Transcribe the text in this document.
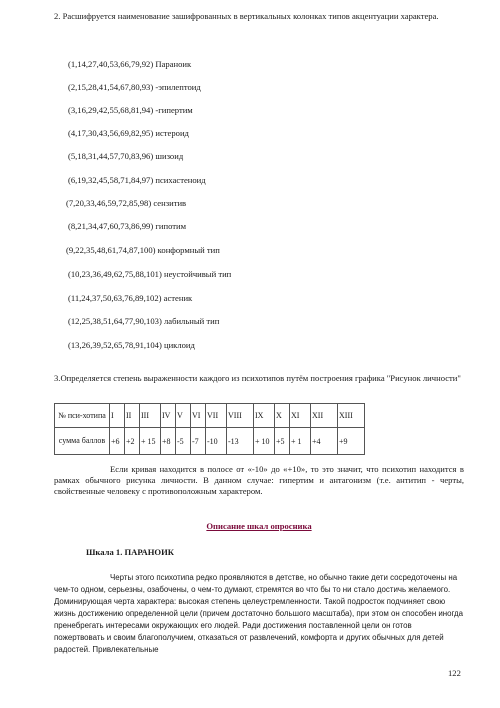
2. Расшифруется наименование зашифрованных в вертикальных колонках типов акцентуации характера.

(1,14,27,40,53,66,79,92) Параноик
(2,15,28,41,54,67,80,93) -эпилептоид
(3,16,29,42,55,68,81,94) -гипертим
(4,17,30,43,56,69,82,95) истероид
(5,18,31,44,57,70,83,96) шизоид
(6,19,32,45,58,71,84,97) психастеноид
(7,20,33,46,59,72,85,98) сензитив
(8,21,34,47,60,73,86,99) гипотим
(9,22,35,48,61,74,87,100) конформный тип
(10,23,36,49,62,75,88,101) неустойчивый тип
(11,24,37,50,63,76,89,102) астеник
(12,25,38,51,64,77,90,103) лабильный тип
(13,26,39,52,65,78,91,104) циклоид

3.Определяется степень выраженности каждого из психотипов путём построения графика "Рисунок личности"

№ пси-хотипа	I	II	III	IV	V	VI	VII	VIII	IX	X	XI	XII	XIII
сумма баллов	+6	+2	+ 15	+8	-5	-7	-10	-13	+ 10	+5	+ 1	+4	+9

Если кривая находится в полосе от «-10» до «+10», то это значит, что психотип находится в рамках обычного рисунка личности. В данном случае: гипертим и антагонизм (т.е. антитип - черты, свойственные человеку с противоположным характером.

Описание шкал опросника

Шкала 1. ПАРАНОИК

Черты этого психотипа редко проявляются в детстве, но обычно такие дети сосредоточены на чем-то одном, серьезны, озабочены, о чем-то думают, стремятся во что бы то ни стало достичь желаемого. Доминирующая черта характера: высокая степень целеустремленности. Такой подросток подчиняет свою жизнь достижению определенной цели (причем достаточно большого масштаба), при этом он способен иногда пренебрегать интересами окружающих его людей. Ради достижения поставленной цели он готов пожертвовать и своим благополучием, отказаться от развлечений, комфорта и других обычных для детей радостей. Привлекательные

122
